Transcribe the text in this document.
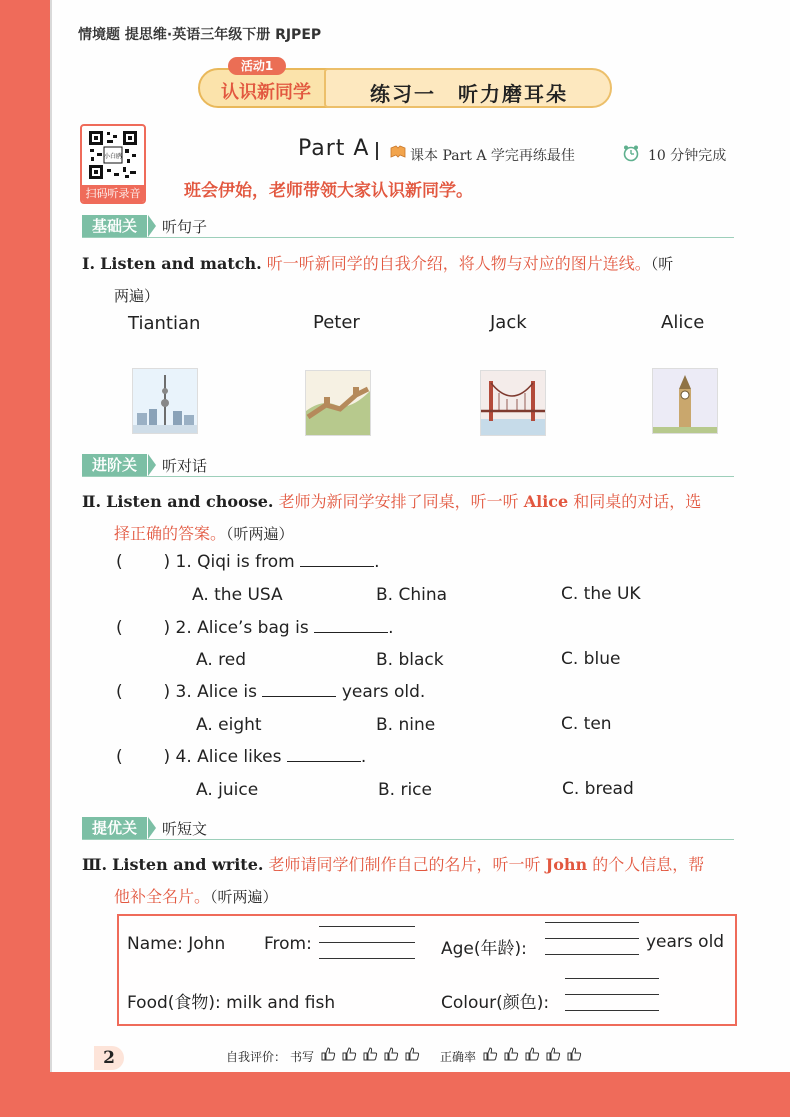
情境题 提思维·英语三年级下册 RJPEP
活动1
认识新同学	练习一　听力磨耳朵
小白鸥
扫码听录音
Part A	课本 Part A 学完再练最佳	10 分钟完成
班会伊始，老师带领大家认识新同学。
基础关	听句子
Ⅰ. Listen and match. 听一听新同学的自我介绍，将人物与对应的图片连线。（听
两遍）
Tiantian	Peter	Jack	Alice
进阶关	听对话
Ⅱ. Listen and choose. 老师为新同学安排了同桌，听一听 Alice 和同桌的对话，选
择正确的答案。（听两遍）
( ) 1. Qiqi is from	.
A. the USA	B. China	C. the UK
( ) 2. Alice’s bag is	.
A. red	B. black	C. blue
( ) 3. Alice is	years old.
A. eight	B. nine	C. ten
( ) 4. Alice likes	.
A. juice	B. rice	C. bread
提优关	听短文
Ⅲ. Listen and write. 老师请同学们制作自己的名片，听一听 John 的个人信息，帮
他补全名片。（听两遍）
Name: John From:	Age(年龄):	years old
Food(食物): milk and fish	Colour(颜色):
2	自我评价： 书写	正确率
